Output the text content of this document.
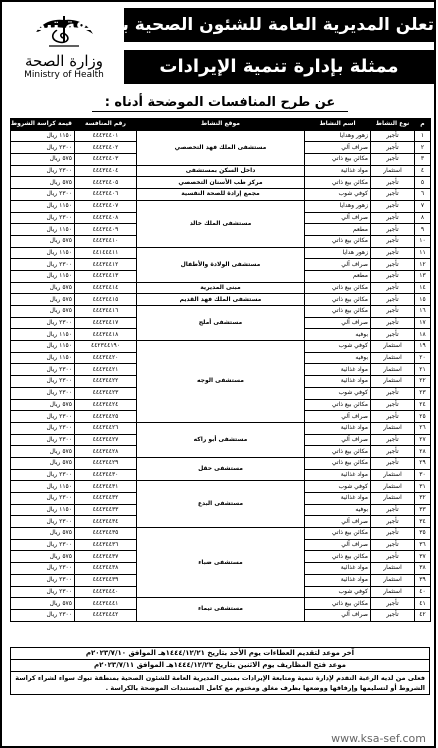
وزارة الصحة
Ministry of Health
تعلن المديرية العامة للشئون الصحية بمنطقة تبوك
ممثلة بإدارة تنمية الإيرادات
عن طرح المنافسات الموضحة أدناه :
م	نوع النشاط	اسم النشاط	موقع النشاط	رقم المنافسة	قيمة كراسة الشروط
١	تأجير	زهور وهدايا	مستشفى الملك فهد التخصصي	٤٤٤٣٤٤٠١	١١٥٠ ريال
٢	تأجير	صراف آلي		٤٤٤٣٤٤٠٢	٢٣٠٠ ريال
٣	تأجير	مكائن بيع ذاتي		٤٤٤٣٤٤٠٣	٥٧٥ ريال
٤	استثمار	مواد غذائية	داخل السكن بمستشفى	٤٤٤٣٤٤٠٤	٢٣٠٠ ريال
٥	تأجير	مكائن بيع ذاتي	مركز طب الأسنان التخصصي	٤٤٤٣٤٤٠٥	٥٧٥ ريال
٦	تأجير	كوفي شوب	مجمع إرادة للصحة النفسية	٤٤٤٣٤٤٠٦	٢٣٠٠ ريال
٧	تأجير	زهور وهدايا	مستشفى الملك خالد	٤٤٤٣٤٤٠٧	١١٥٠ ريال
٨	تأجير	صراف آلي		٤٤٤٣٤٤٠٨	٢٣٠٠ ريال
٩	تأجير	مطعم		٤٤٤٣٤٤٠٩	١١٥٠ ريال
١٠	تأجير	مكائن بيع ذاتي		٤٤٤٣٤٤١٠	٥٧٥ ريال
١١	تأجير	زهور هدايا	مستشفى الولادة والأطفال	٤٤١٤٤٤١١	١١٥٠ ريال
١٢	تأجير	صراف آلي		٤٤٤٣٤٤١٢	٢٣٠٠ ريال
١٣	تأجير	مطعم		٤٤٤٣٤٤١٣	١١٥٠ ريال
١٤	تأجير	مكائن بيع ذاتي	مبنى المديرية	٤٤٤٣٤٤١٤	٥٧٥ ريال
١٥	تأجير	مكائن بيع ذاتي	مستشفى الملك فهد القديم	٤٤٤٣٤٤١٥	٥٧٥ ريال
١٦	تأجير	مكائن بيع ذاتي	مستشفى أملج	٤٤٤٣٤٤١٦	٥٧٥ ريال
١٧	تأجير	صراف آلي		٤٤٤٣٤٤١٧	٢٣٠٠ ريال
١٨	تأجير	بوفيه		٤٤٤٣٤٤١٨	١١٥٠ ريال
١٩	استثمار	كوفي شوب	مستشفى الوجه	٤٤٢٣٤٤١٩٠	١١٥٠ ريال
٢٠	استثمار	بوفيه		٤٤٤٣٤٤٢٠	١١٥٠ ريال
٢١	استثمار	مواد غذائية		٤٤٤٣٤٤٢١	٢٣٠٠ ريال
٢٢	استثمار	مواد غذائية		٤٤٤٣٤٤٢٢	٢٣٠٠ ريال
٢٣	تأجير	كوفي شوب		٤٤٤٣٤٤٢٣	٢٣٠٠ ريال
٢٤	تأجير	مكائن بيع ذاتي		٤٤٤٣٤٤٢٤	٥٧٥ ريال
٢٥	تأجير	صراف آلي		٤٤٤٣٤٤٢٥	٢٣٠٠ ريال
٢٦	استثمار	مواد غذائية	مستشفى أبو راكه	٤٤٤٣٤٤٢٦	٢٣٠٠ ريال
٢٧	تأجير	صراف آلي		٤٤٤٣٤٤٢٧	٢٣٠٠ ريال
٢٨	تأجير	مكائن بيع ذاتي		٤٤٤٣٤٤٢٨	٥٧٥ ريال
٢٩	تأجير	مكائن بيع ذاتي	مستشفى حقل	٤٤٤٣٤٤٢٩	٥٧٥ ريال
٣٠	استثمار	مواد غذائية		٤٤٤٣٤٤٣٠	٢٣٠٠ ريال
٣١	استثمار	كوفي شوب	مستشفى البدع	٤٤٤٣٤٤٣١	١١٥٠ ريال
٣٢	استثمار	مواد غذائية		٤٤٤٣٤٤٣٢	٢٣٠٠ ريال
٣٣	تأجير	بوفيه		٤٤٤٣٤٤٣٣	١١٥٠ ريال
٣٤	تأجير	صراف آلي		٤٤٤٣٤٤٣٤	٢٣٠٠ ريال
٣٥	تأجير	مكائن بيع ذاتي	مستشفى ضباء	٤٤٤٣٤٤٣٥	٥٧٥ ريال
٣٦	تأجير	صراف آلي		٤٤٤٣٤٤٣٦	٢٣٠٠ ريال
٣٧	تأجير	مكائن بيع ذاتي		٤٤٤٣٤٤٣٧	٥٧٥ ريال
٣٨	استثمار	مواد غذائية		٤٤٤٣٤٤٣٨	٢٣٠٠ ريال
٣٩	استثمار	مواد غذائية		٤٤٤٣٤٤٣٩	٢٣٠٠ ريال
٤٠	استثمار	كوفي شوب		٤٤٤٣٤٤٤٠	٢٣٠٠ ريال
٤١	تأجير	مكائن بيع ذاتي	مستشفى تيماء	٤٤٤٣٤٤٤١	٥٧٥ ريال
٤٢	تأجير	صراف آلي		٤٤٤٣٤٤٤٢	٢٣٠٠ ريال
آخر موعد لتقديم العطاءات يوم الأحد بتاريخ ١٤٤٤/١٢/٢١هـ الموافق ٢٠٢٣/٧/١٠م
موعد فتح المظاريف يوم الاثنين بتاريخ ١٤٤٤/١٢/٢٢هـ الموافق ٢٠٢٣/٧/١١م
فعلى من لديه الرغبة التقدم لإدارة تنمية ومتابعة الإيرادات بمبنى المديرية العامة للشئون الصحية بمنطقة تبوك سواء لشراء كراسة الشروط أو لتسليمها وإرفاقها ووضعها بظرف مغلق ومختوم مع كامل المستندات الموضحة بالكراسة .
www.ksa-sef.com
